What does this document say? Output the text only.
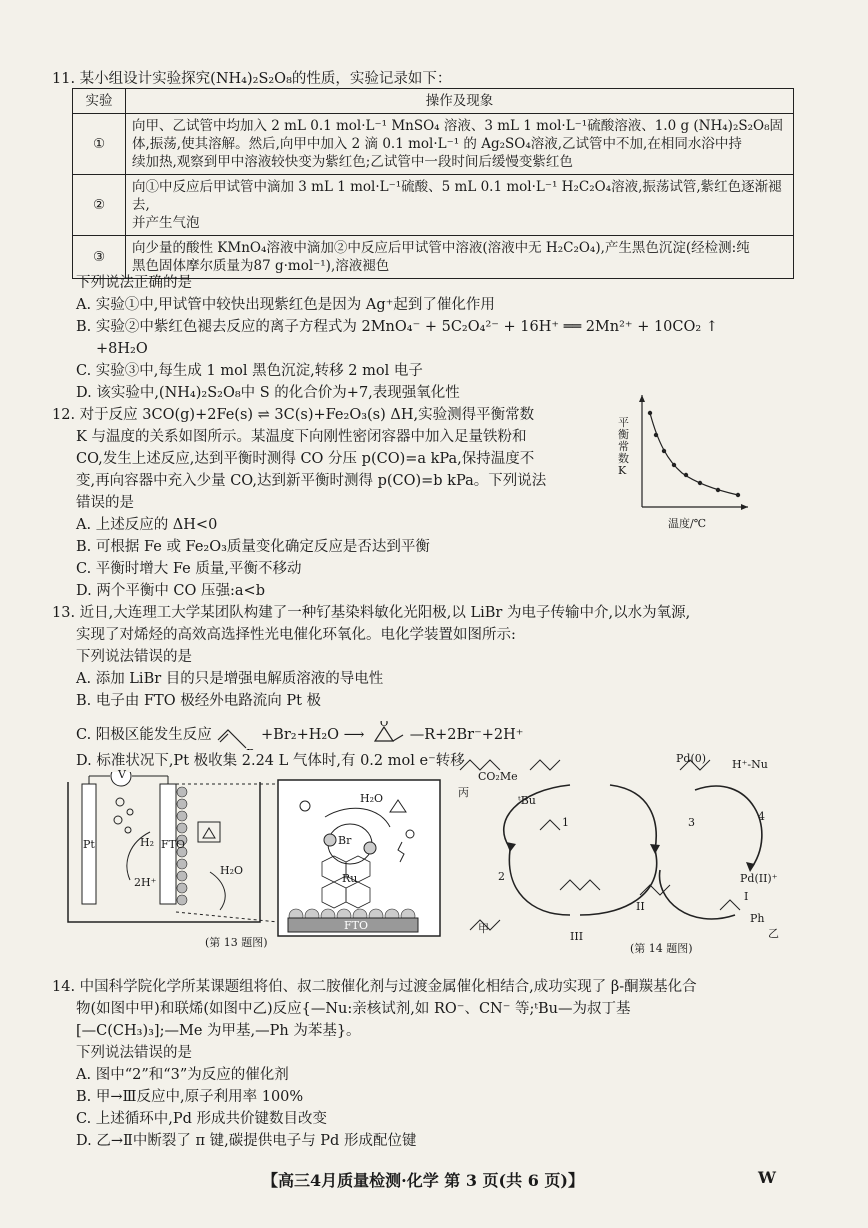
11. 某小组设计实验探究(NH₄)₂S₂O₈的性质，实验记录如下：
实验	操作及现象
①	向甲、乙试管中均加入 2 mL 0.1 mol·L⁻¹ MnSO₄ 溶液、3 mL 1 mol·L⁻¹硫酸溶液、1.0 g (NH₄)₂S₂O₈固
体,振荡,使其溶解。然后,向甲中加入 2 滴 0.1 mol·L⁻¹ 的 Ag₂SO₄溶液,乙试管中不加,在相同水浴中持
续加热,观察到甲中溶液较快变为紫红色;乙试管中一段时间后缓慢变紫红色

②	向①中反应后甲试管中滴加 3 mL 1 mol·L⁻¹硫酸、5 mL 0.1 mol·L⁻¹ H₂C₂O₄溶液,振荡试管,紫红色逐渐褪去,
并产生气泡

③	向少量的酸性 KMnO₄溶液中滴加②中反应后甲试管中溶液(溶液中无 H₂C₂O₄),产生黑色沉淀(经检测:纯
黑色固体摩尔质量为87 g·mol⁻¹),溶液褪色
下列说法正确的是
A. 实验①中,甲试管中较快出现紫红色是因为 Ag⁺起到了催化作用
B. 实验②中紫红色褪去反应的离子方程式为 2MnO₄⁻ + 5C₂O₄²⁻ + 16H⁺ ══ 2Mn²⁺ + 10CO₂ ↑
+8H₂O
C. 实验③中,每生成 1 mol 黑色沉淀,转移 2 mol 电子
D. 该实验中,(NH₄)₂S₂O₈中 S 的化合价为+7,表现强氧化性
12. 对于反应 3CO(g)+2Fe(s) ⇌ 3C(s)+Fe₂O₃(s) ΔH,实验测得平衡常数
K 与温度的关系如图所示。某温度下向刚性密闭容器中加入足量铁粉和
CO,发生上述反应,达到平衡时测得 CO 分压 p(CO)=a kPa,保持温度不
变,再向容器中充入少量 CO,达到新平衡时测得 p(CO)=b kPa。下列说法
错误的是
A. 上述反应的 ΔH<0
B. 可根据 Fe 或 Fe₂O₃质量变化确定反应是否达到平衡
C. 平衡时增大 Fe 质量,平衡不移动
D. 两个平衡中 CO 压强:a<b
平衡常数K
温度/℃
13. 近日,大连理工大学某团队构建了一种钌基染料敏化光阳极,以 LiBr 为电子传输中介,以水为氧源,
实现了对烯烃的高效高选择性光电催化环氧化。电化学装置如图所示:
下列说法错误的是
A. 添加 LiBr 目的只是增强电解质溶液的导电性
B. 电子由 FTO 极经外电路流向 Pt 极
C. 阳极区能发生反应	+Br₂+H₂O ⟶
O
—R+2Br⁻+2H⁺
D. 标准状况下,Pt 极收集 2.24 L 气体时,有 0.2 mol e⁻转移
V
Pt	FTO
H₂
2H⁺
H₂O
H₂O
Br
Ru
FTO
(第 13 题图)
丙
CO₂Me
1
2
3	4
H⁺-Nu
Pd(0)
Pd(II)⁺
I
II
III
甲	乙
Ph
ᵗBu
(第 14 题图)
14. 中国科学院化学所某课题组将伯、叔二胺催化剂与过渡金属催化相结合,成功实现了 β-酮羰基化合
物(如图中甲)和联烯(如图中乙)反应{—Nu:亲核试剂,如 RO⁻、CN⁻ 等;ᵗBu—为叔丁基
[—C(CH₃)₃];—Me 为甲基,—Ph 为苯基}。
下列说法错误的是
A. 图中“2”和“3”为反应的催化剂
B. 甲→Ⅲ反应中,原子利用率 100%
C. 上述循环中,Pd 形成共价键数目改变
D. 乙→Ⅱ中断裂了 π 键,碳提供电子与 Pd 形成配位键
【高三4月质量检测·化学 第 3 页(共 6 页)】	W
